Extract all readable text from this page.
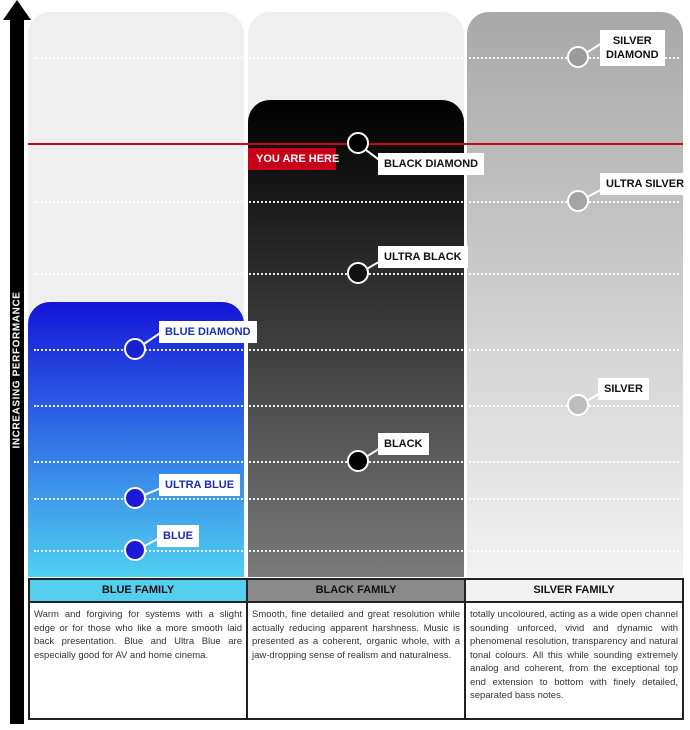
YOU ARE HERE
BLUE DIAMOND
ULTRA BLUE
BLUE
BLACK DIAMOND
ULTRA BLACK
BLACK
SILVER
DIAMOND
ULTRA SILVER
SILVER
INCREASING PERFORMANCE
BLUE FAMILY
Warm and forgiving for systems with a slight edge or for those who like a more smooth laid back presentation. Blue and Ultra Blue are especially good for AV and home cinema.
BLACK FAMILY
Smooth, fine detailed and great resolution while actually reducing apparent harshness. Music is presented as a coherent, organic whole, with a jaw-dropping sense of realism and naturalness.
SILVER FAMILY
totally uncoloured, acting as a wide open channel sounding unforced, vivid and dynamic with phenomenal resolution, transparency and natural tonal colours. All this while sounding extremely analog and coherent, from the exceptional top end extension to bottom with finely detailed, separated bass notes.
